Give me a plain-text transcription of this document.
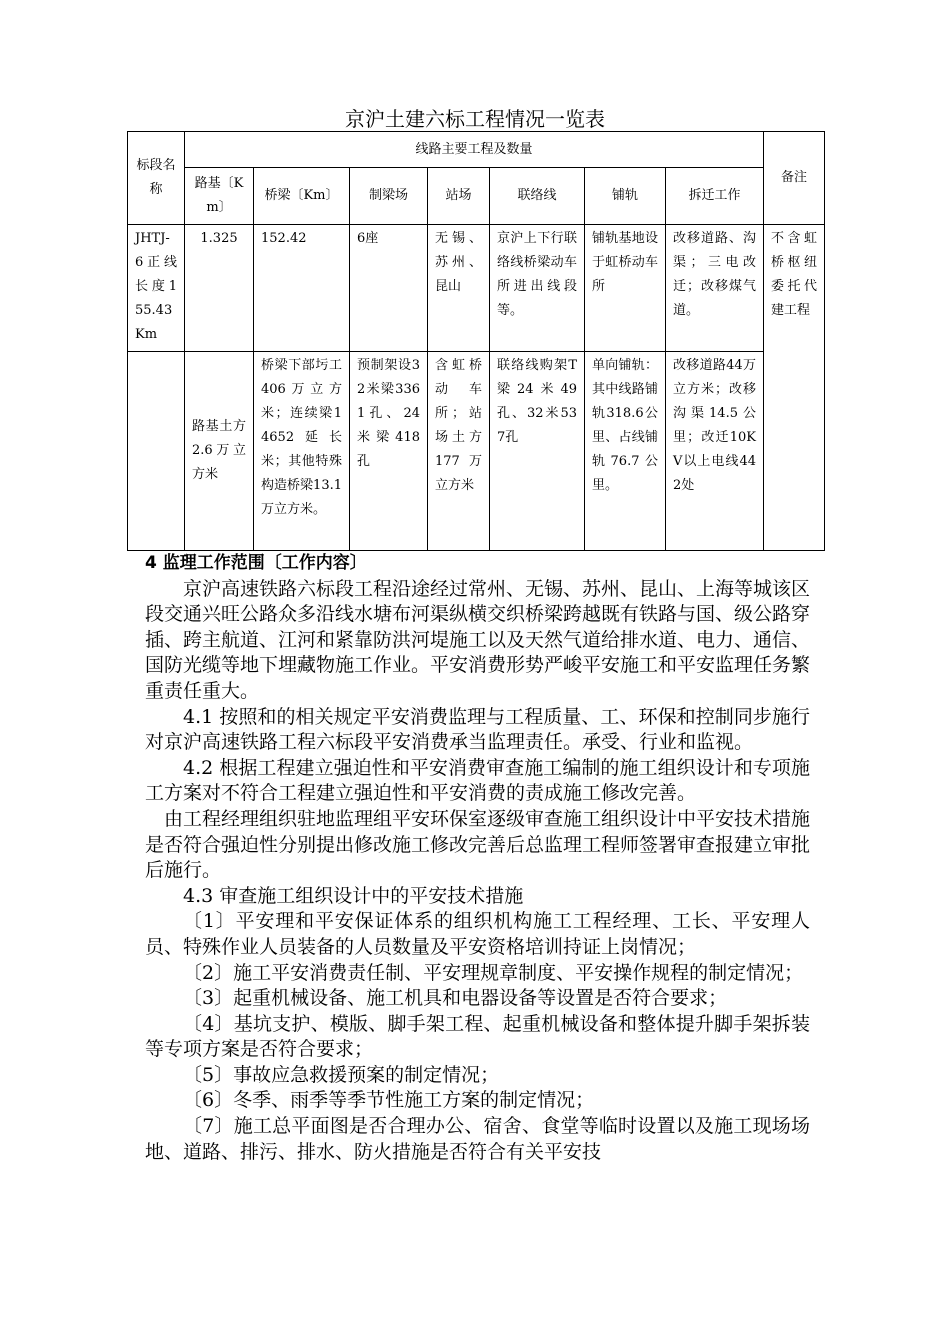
京沪土建六标工程情况一览表
标段名称	线路主要工程及数量							备注
	路基〔Km〕	桥梁〔Km〕	制梁场	站场	联络线	铺轨	拆迁工作	
JHTJ-6正线长度155.43Km	1.325	152.42	6座	无锡、苏州、昆山	京沪上下行联络线桥梁动车所进出线段等。	铺轨基地设于虹桥动车所	改移道路、沟渠；三电改迁；改移煤气道。	不含虹桥枢纽委托代建工程
	路基土方 2.6万立方米	桥梁下部圬工406万立方米；连续梁14652延长米；其他特殊构造桥梁13.1万立方米。	预制架设32米梁3361孔、24米梁418孔	含虹桥动车所；站场土方177万立方米	联络线购架T梁24米49孔、32米537孔	单向铺轨：其中线路铺轨318.6公里、占线铺轨76.7公里。	改移道路44万立方米；改移沟渠14.5公里；改迁10KV以上电线442处	

4 监理工作范围〔工作内容〕

京沪高速铁路六标段工程沿途经过常州、无锡、苏州、昆山、上海等城该区段交通兴旺公路众多沿线水塘布河渠纵横交织桥梁跨越既有铁路与国、级公路穿插、跨主航道、江河和紧靠防洪河堤施工以及天然气道给排水道、电力、通信、国防光缆等地下埋藏物施工作业。平安消费形势严峻平安施工和平安监理任务繁重责任重大。

4.1 按照和的相关规定平安消费监理与工程质量、工、环保和控制同步施行对京沪高速铁路工程六标段平安消费承当监理责任。承受、行业和监视。

4.2 根据工程建立强迫性和平安消费审查施工编制的施工组织设计和专项施工方案对不符合工程建立强迫性和平安消费的责成施工修改完善。

由工程经理组织驻地监理组平安环保室逐级审查施工组织设计中平安技术措施是否符合强迫性分别提出修改施工修改完善后总监理工程师签署审查报建立审批后施行。

4.3 审查施工组织设计中的平安技术措施

〔1〕平安理和平安保证体系的组织机构施工工程经理、工长、平安理人员、特殊作业人员装备的人员数量及平安资格培训持证上岗情况；

〔2〕施工平安消费责任制、平安理规章制度、平安操作规程的制定情况；

〔3〕起重机械设备、施工机具和电器设备等设置是否符合要求；

〔4〕基坑支护、模版、脚手架工程、起重机械设备和整体提升脚手架拆装等专项方案是否符合要求；

〔5〕事故应急救援预案的制定情况；

〔6〕冬季、雨季等季节性施工方案的制定情况；

〔7〕施工总平面图是否合理办公、宿舍、食堂等临时设置以及施工现场场地、道路、排污、排水、防火措施是否符合有关平安技
